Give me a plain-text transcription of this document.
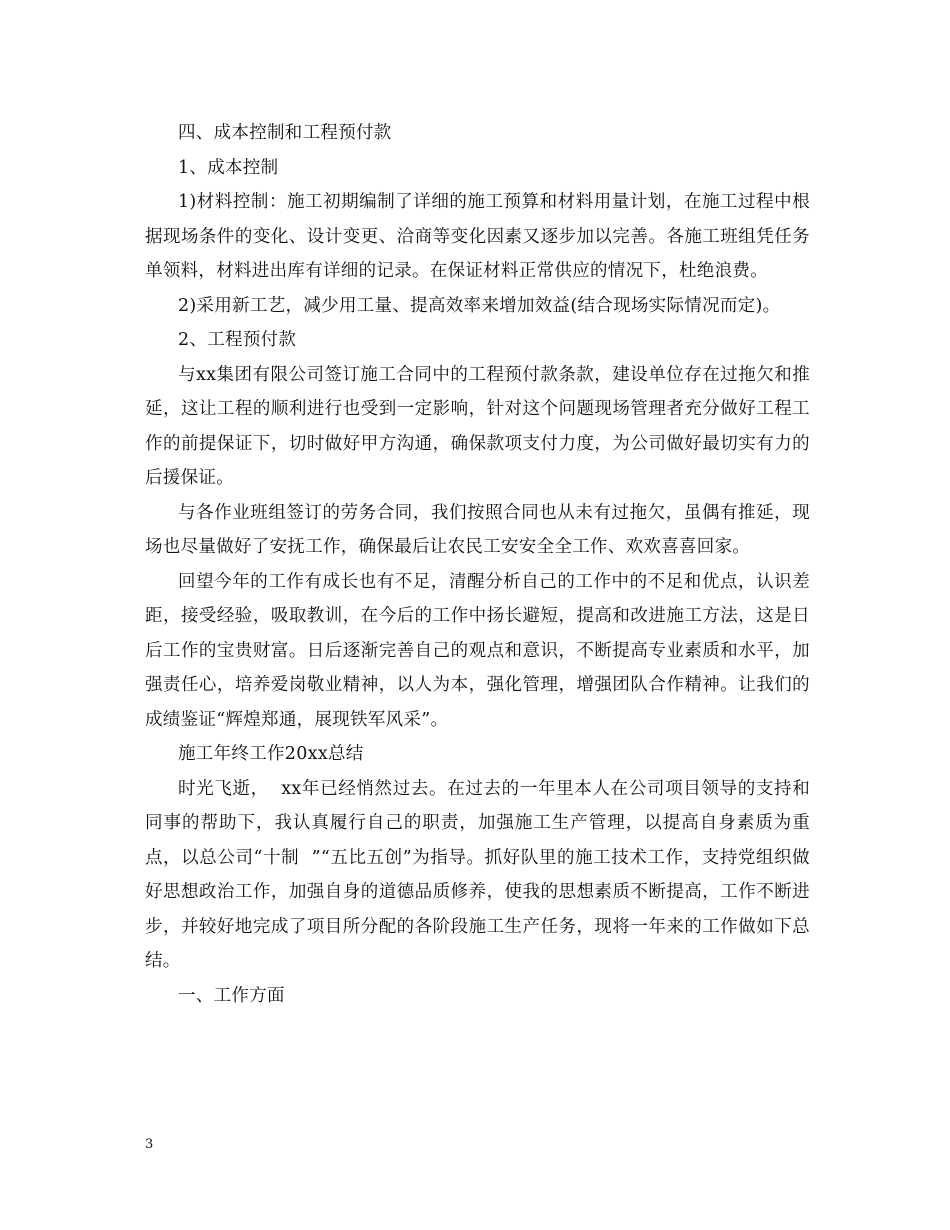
四、成本控制和工程预付款

1、成本控制

1)材料控制：施工初期编制了详细的施工预算和材料用量计划，在施工过程中根据现场条件的变化、设计变更、洽商等变化因素又逐步加以完善。各施工班组凭任务单领料，材料进出库有详细的记录。在保证材料正常供应的情况下，杜绝浪费。

2)采用新工艺，减少用工量、提高效率来增加效益(结合现场实际情况而定)。

2、工程预付款

与xx集团有限公司签订施工合同中的工程预付款条款，建设单位存在过拖欠和推延，这让工程的顺利进行也受到一定影响，针对这个问题现场管理者充分做好工程工作的前提保证下，切时做好甲方沟通，确保款项支付力度，为公司做好最切实有力的后援保证。

与各作业班组签订的劳务合同，我们按照合同也从未有过拖欠，虽偶有推延，现场也尽量做好了安抚工作，确保最后让农民工安安全全工作、欢欢喜喜回家。

回望今年的工作有成长也有不足，清醒分析自己的工作中的不足和优点，认识差距，接受经验，吸取教训，在今后的工作中扬长避短，提高和改进施工方法，这是日后工作的宝贵财富。日后逐渐完善自己的观点和意识，不断提高专业素质和水平，加强责任心，培养爱岗敬业精神，以人为本，强化管理，增强团队合作精神。让我们的成绩鉴证“辉煌郑通，展现铁军风采”。

施工年终工作20xx总结

时光飞逝，  xx年已经悄然过去。在过去的一年里本人在公司项目领导的支持和同事的帮助下，我认真履行自己的职责，加强施工生产管理，以提高自身素质为重点，以总公司“十制  ”“五比五创”为指导。抓好队里的施工技术工作，支持党组织做好思想政治工作，加强自身的道德品质修养，使我的思想素质不断提高，工作不断进步，并较好地完成了项目所分配的各阶段施工生产任务，现将一年来的工作做如下总结。

一、工作方面

3
